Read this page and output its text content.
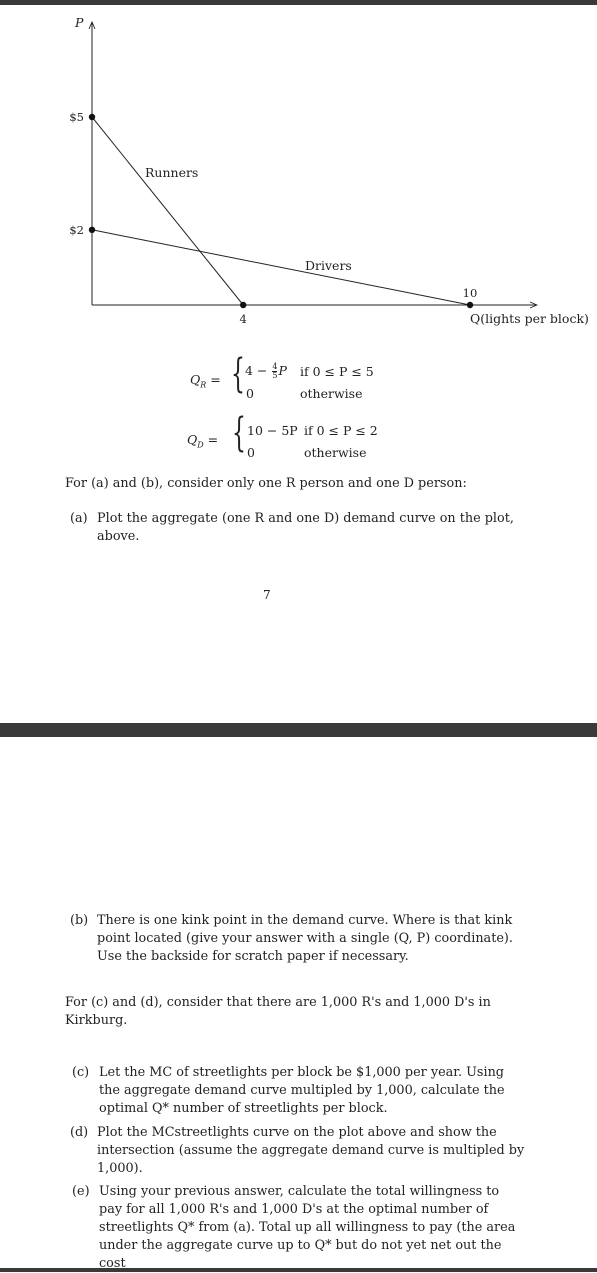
Runners
Drivers
4
10
$5
$2
P
Q(lights per block)
$Q_R$ = { $4 - \frac{4}{5}$ P if 0 ≤ P ≤ 5
0	otherwise
$Q_D$ = { 10 − 5P if 0 ≤ P ≤ 2
0	otherwise
For (a) and (b), consider only one R person and one D person:
(a) Plot the aggregate (one R and one D) demand curve on the plot,
above.
7
(b) There is one kink point in the demand curve. Where is that kink
point located (give your answer with a single (Q, P) coordinate).
Use the backside for scratch paper if necessary.
For (c) and (d), consider that there are 1,000 R's and 1,000 D's in
Kirkburg.
(c) Let the MC of streetlights per block be $1,000 per year. Using
the aggregate demand curve multipled by 1,000, calculate the
optimal Q* number of streetlights per block.
(d) Plot the MCstreetlights curve on the plot above and show the
intersection (assume the aggregate demand curve is multipled by
1,000).
(e) Using your previous answer, calculate the total willingness to
pay for all 1,000 R's and 1,000 D's at the optimal number of
streetlights Q* from (a). Total up all willingness to pay (the area
under the aggregate curve up to Q* but do not yet net out the
cost
